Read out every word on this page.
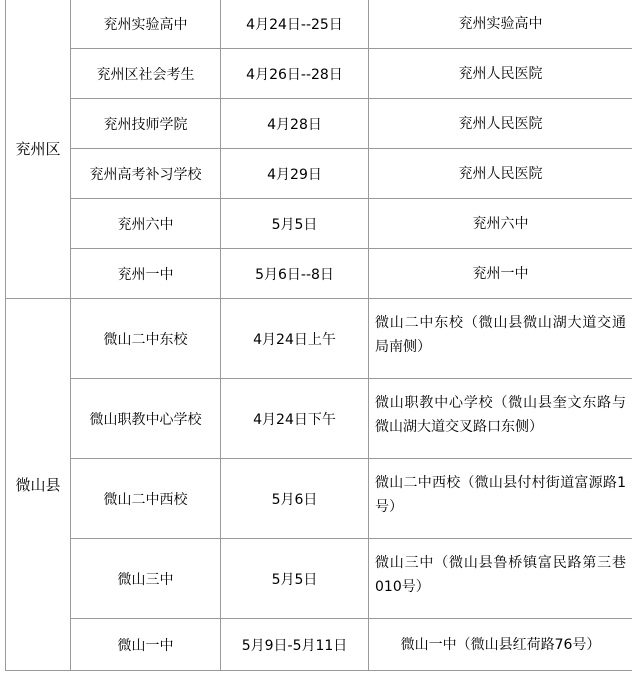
兖州区	兖州实验高中	4月24日--25日	兖州实验高中
	兖州区社会考生	4月26日--28日	兖州人民医院
	兖州技师学院	4月28日	兖州人民医院
	兖州高考补习学校	4月29日	兖州人民医院
	兖州六中	5月5日	兖州六中
	兖州一中	5月6日--8日	兖州一中
微山县	微山二中东校	4月24日上午	微山二中东校（微山县微山湖大道交通局南侧）
	微山职教中心学校	4月24日下午	微山职教中心学校（微山县奎文东路与微山湖大道交叉路口东侧）
	微山二中西校	5月6日	微山二中西校（微山县付村街道富源路1号）
	微山三中	5月5日	微山三中（微山县鲁桥镇富民路第三巷010号）
	微山一中	5月9日-5月11日	微山一中（微山县红荷路76号）
